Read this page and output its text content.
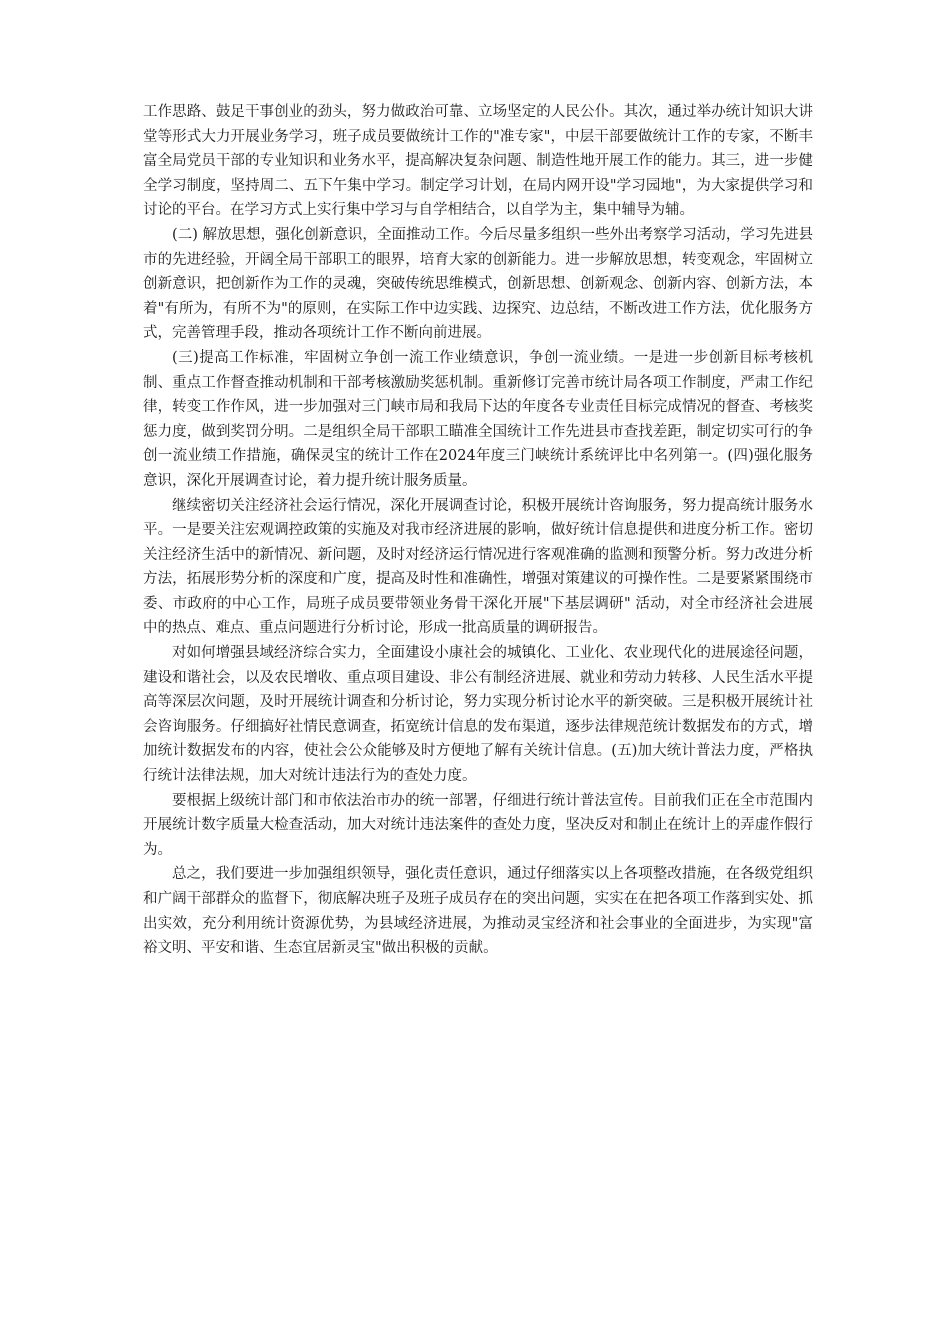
工作思路、鼓足干事创业的劲头，努力做政治可靠、立场坚定的人民公仆。其次，通过举办统计知识大讲堂等形式大力开展业务学习，班子成员要做统计工作的"准专家"，中层干部要做统计工作的专家，不断丰富全局党员干部的专业知识和业务水平，提高解决复杂问题、制造性地开展工作的能力。其三，进一步健全学习制度，坚持周二、五下午集中学习。制定学习计划，在局内网开设"学习园地"，为大家提供学习和讨论的平台。在学习方式上实行集中学习与自学相结合，以自学为主，集中辅导为辅。

(二) 解放思想，强化创新意识，全面推动工作。今后尽量多组织一些外出考察学习活动，学习先进县市的先进经验，开阔全局干部职工的眼界，培育大家的创新能力。进一步解放思想，转变观念，牢固树立创新意识，把创新作为工作的灵魂，突破传统思维模式，创新思想、创新观念、创新内容、创新方法，本着"有所为，有所不为"的原则，在实际工作中边实践、边探究、边总结，不断改进工作方法，优化服务方式，完善管理手段，推动各项统计工作不断向前进展。

(三)提高工作标准，牢固树立争创一流工作业绩意识，争创一流业绩。一是进一步创新目标考核机制、重点工作督查推动机制和干部考核激励奖惩机制。重新修订完善市统计局各项工作制度，严肃工作纪律，转变工作作风，进一步加强对三门峡市局和我局下达的年度各专业责任目标完成情况的督查、考核奖惩力度，做到奖罚分明。二是组织全局干部职工瞄准全国统计工作先进县市查找差距，制定切实可行的争创一流业绩工作措施，确保灵宝的统计工作在2024年度三门峡统计系统评比中名列第一。(四)强化服务意识，深化开展调查讨论，着力提升统计服务质量。

继续密切关注经济社会运行情况，深化开展调查讨论，积极开展统计咨询服务，努力提高统计服务水平。一是要关注宏观调控政策的实施及对我市经济进展的影响，做好统计信息提供和进度分析工作。密切关注经济生活中的新情况、新问题，及时对经济运行情况进行客观准确的监测和预警分析。努力改进分析方法，拓展形势分析的深度和广度，提高及时性和准确性，增强对策建议的可操作性。二是要紧紧围绕市委、市政府的中心工作，局班子成员要带领业务骨干深化开展"下基层调研" 活动，对全市经济社会进展中的热点、难点、重点问题进行分析讨论，形成一批高质量的调研报告。

对如何增强县域经济综合实力，全面建设小康社会的城镇化、工业化、农业现代化的进展途径问题，建设和谐社会，以及农民增收、重点项目建设、非公有制经济进展、就业和劳动力转移、人民生活水平提高等深层次问题，及时开展统计调查和分析讨论，努力实现分析讨论水平的新突破。三是积极开展统计社会咨询服务。仔细搞好社情民意调查，拓宽统计信息的发布渠道，逐步法律规范统计数据发布的方式，增加统计数据发布的内容，使社会公众能够及时方便地了解有关统计信息。(五)加大统计普法力度，严格执行统计法律法规，加大对统计违法行为的查处力度。

要根据上级统计部门和市依法治市办的统一部署，仔细进行统计普法宣传。目前我们正在全市范围内开展统计数字质量大检查活动，加大对统计违法案件的查处力度，坚决反对和制止在统计上的弄虚作假行为。

总之，我们要进一步加强组织领导，强化责任意识，通过仔细落实以上各项整改措施，在各级党组织和广阔干部群众的监督下，彻底解决班子及班子成员存在的突出问题，实实在在把各项工作落到实处、抓出实效，充分利用统计资源优势，为县域经济进展，为推动灵宝经济和社会事业的全面进步，为实现"富裕文明、平安和谐、生态宜居新灵宝"做出积极的贡献。
